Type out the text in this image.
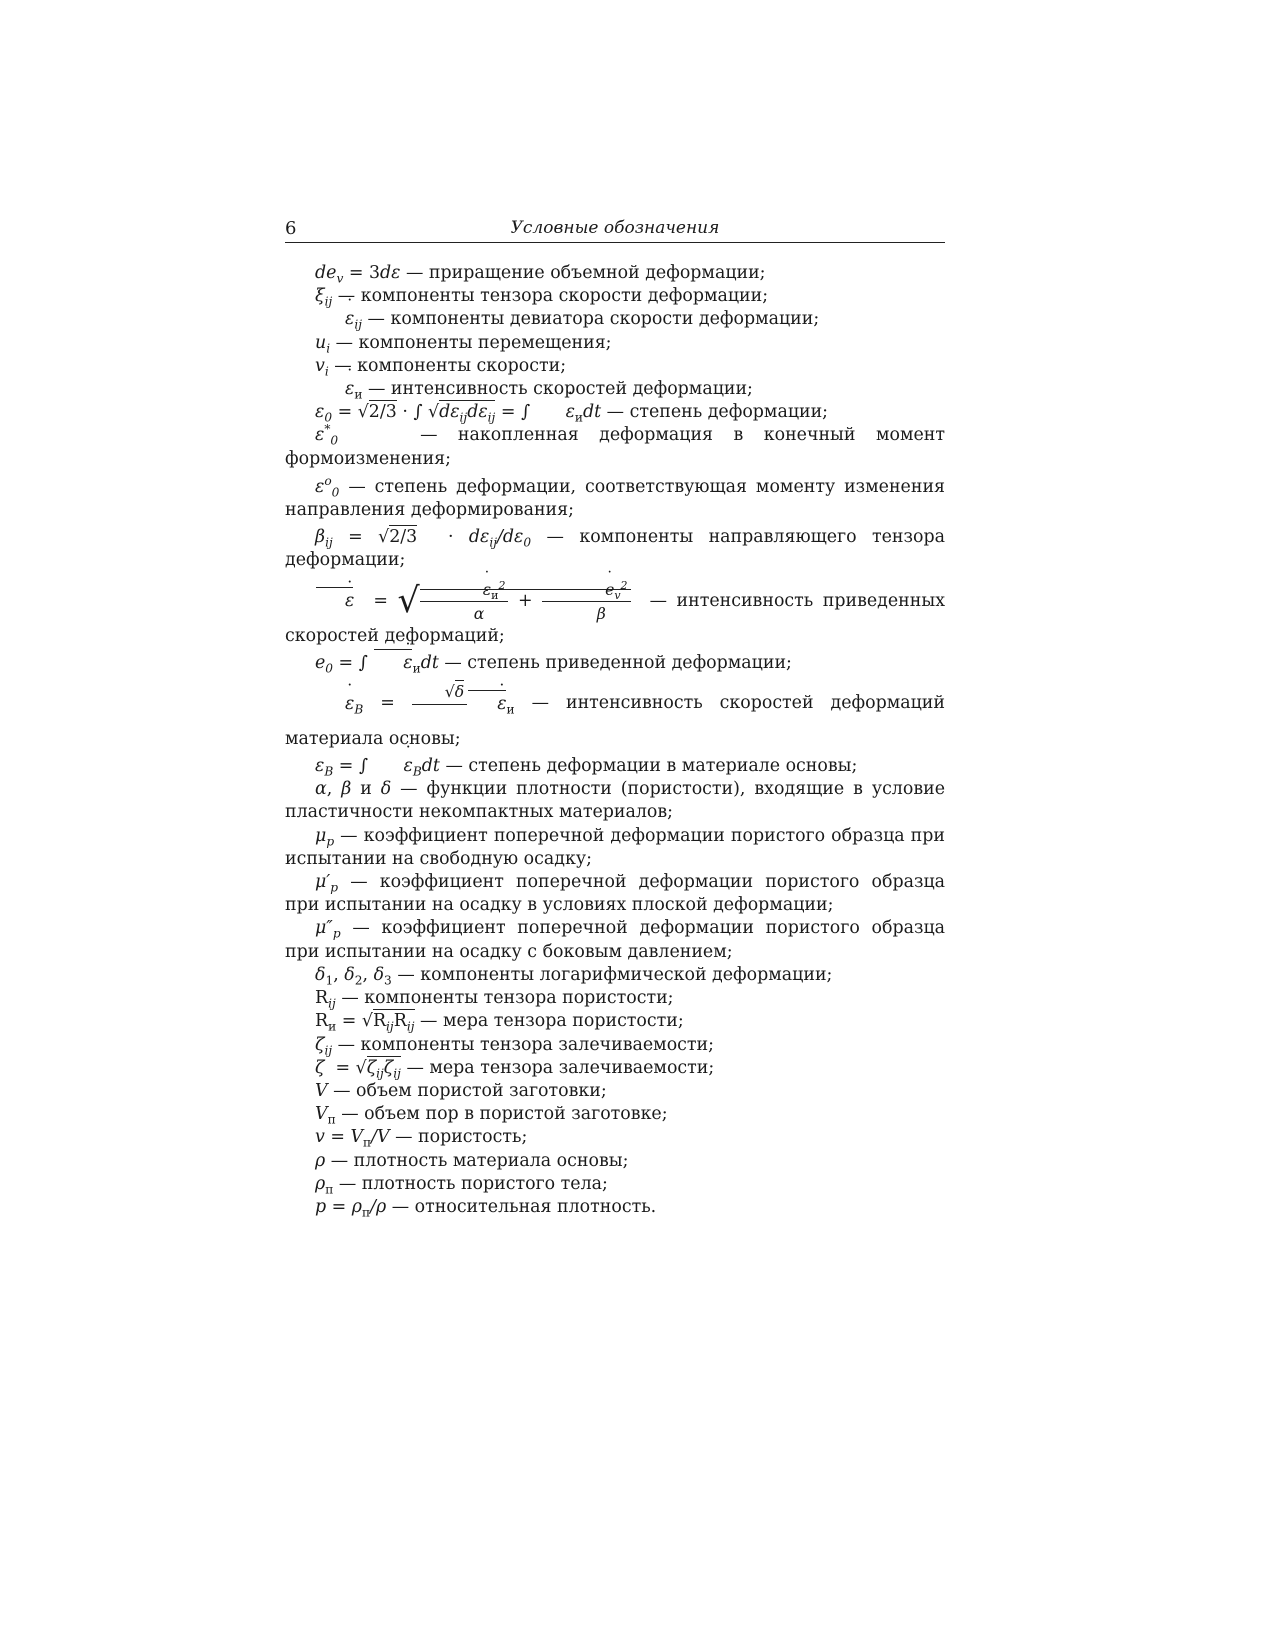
6	Условные обозначения

$de_v = 3d\varepsilon$ — приращение объемной деформации;

$\xi_{ij}$ — компоненты тензора скорости деформации;

˙ $\varepsilon_{ij}$ — компоненты девиатора скорости деформации;

$u_i$ — компоненты перемещения;

$v_i$ — компоненты скорости;

˙ $\varepsilon_и$ — интенсивность скоростей деформации;

$\varepsilon_0 = √2/3$ · ∫ $√d\varepsilon_{ij}d\varepsilon_{ij}$ = ∫ ˙ $\varepsilon_иdt$ — степень деформации;

$\varepsilon^*_0$	— накопленная деформация в конечный момент формоизменения;

$\varepsilon^o_0$ — степень деформации, соответствующая моменту изменения направления деформирования;

$\beta_{ij} = √2/3 \cdot d\varepsilon_{ij}/d\varepsilon_0$ — компоненты направляющего тензора деформации;

˙ ε  = √ ˙ $\frac{\varepsilon_и^2}{\alpha}$ + ˙ $\frac{e_v^2}{\beta}$ — интенсивность приведенных скоростей деформаций;

$e_0$ = ∫ ˙ $\varepsilon_иdt$ — степень приведенной деформации;

˙ $\varepsilon_B$ =
√δ

˙ $\varepsilon_и$ — интенсивность скоростей деформаций материала основы;

$\varepsilon_B$ = ∫ ˙ $\varepsilon_Bdt$ — степень деформации в материале основы;

α, β и δ — функции плотности (пористости), входящие в условие пластичности некомпактных материалов;

$\mu_p$ — коэффициент поперечной деформации пористого образца при испытании на свободную осадку;

$\mu'_p$ — коэффициент поперечной деформации пористого образца при испытании на осадку в условиях плоской деформации;

$\mu''_p$ — коэффициент поперечной деформации пористого образца при испытании на осадку с боковым давлением;

$\delta_1$, $\delta_2$, $\delta_3$ — компоненты логарифмической деформации;

$R_{ij}$ — компоненты тензора пористости;

$R_и = √R_{ij}R_{ij}$ — мера тензора пористости;

$\zeta_{ij}$ — компоненты тензора залечиваемости;

$\zeta = √\zeta_{ij}\zeta_{ij}$ — мера тензора залечиваемости;

V — объем пористой заготовки;

$V_п$ — объем пор в пористой заготовке;

$v = V_п/V$ — пористость;

ρ — плотность материала основы;

$\rho_п$ — плотность пористого тела;

$p = \rho_п/\rho$ — относительная плотность.
